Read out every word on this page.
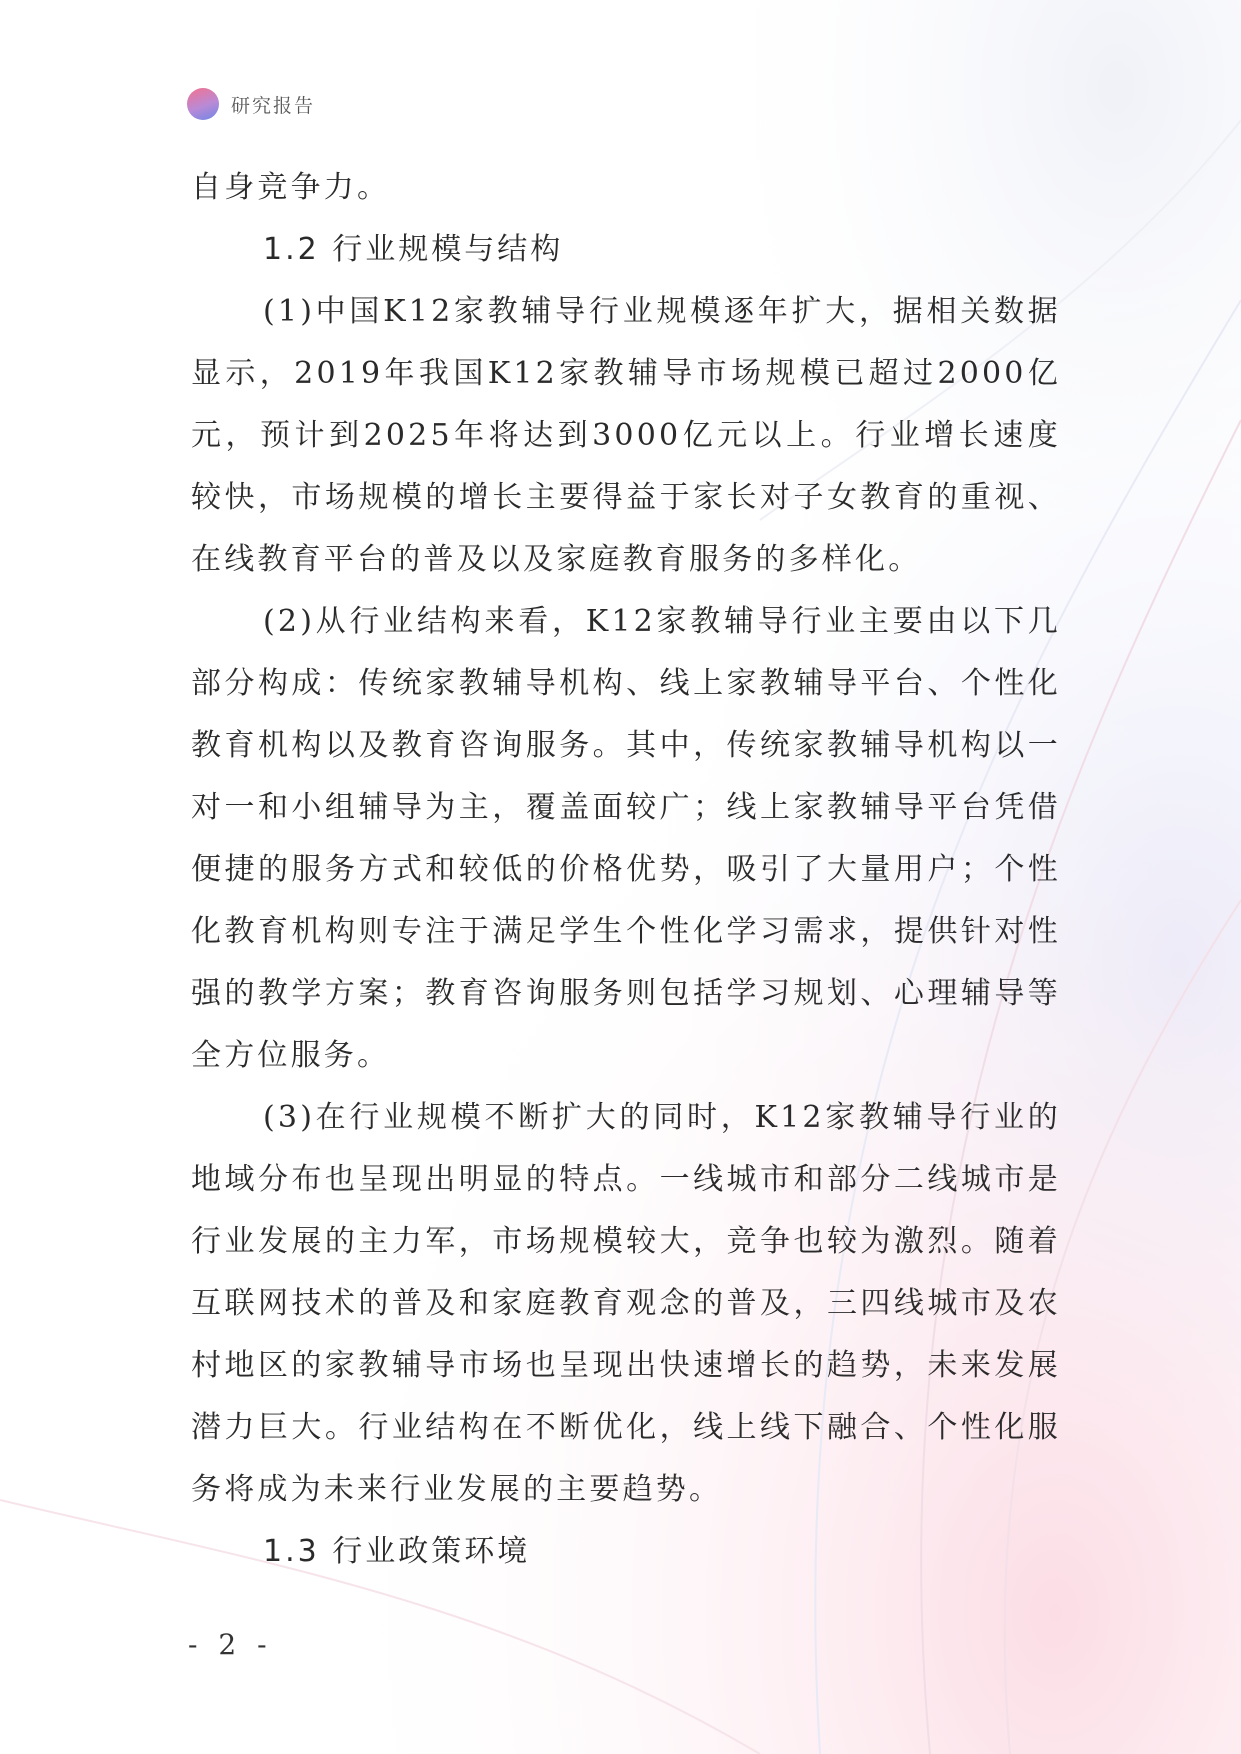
研究报告

自身竞争力。

1.2 行业规模与结构

(1)中国K12家教辅导行业规模逐年扩大，据相关数据显示，2019年我国K12家教辅导市场规模已超过2000亿元，预计到2025年将达到3000亿元以上。行业增长速度较快，市场规模的增长主要得益于家长对子女教育的重视、在线教育平台的普及以及家庭教育服务的多样化。

(2)从行业结构来看，K12家教辅导行业主要由以下几部分构成：传统家教辅导机构、线上家教辅导平台、个性化教育机构以及教育咨询服务。其中，传统家教辅导机构以一对一和小组辅导为主，覆盖面较广；线上家教辅导平台凭借便捷的服务方式和较低的价格优势，吸引了大量用户；个性化教育机构则专注于满足学生个性化学习需求，提供针对性强的教学方案；教育咨询服务则包括学习规划、心理辅导等全方位服务。

(3)在行业规模不断扩大的同时，K12家教辅导行业的地域分布也呈现出明显的特点。一线城市和部分二线城市是行业发展的主力军，市场规模较大，竞争也较为激烈。随着互联网技术的普及和家庭教育观念的普及，三四线城市及农村地区的家教辅导市场也呈现出快速增长的趋势，未来发展潜力巨大。行业结构在不断优化，线上线下融合、个性化服务将成为未来行业发展的主要趋势。

1.3 行业政策环境

- 2 -
